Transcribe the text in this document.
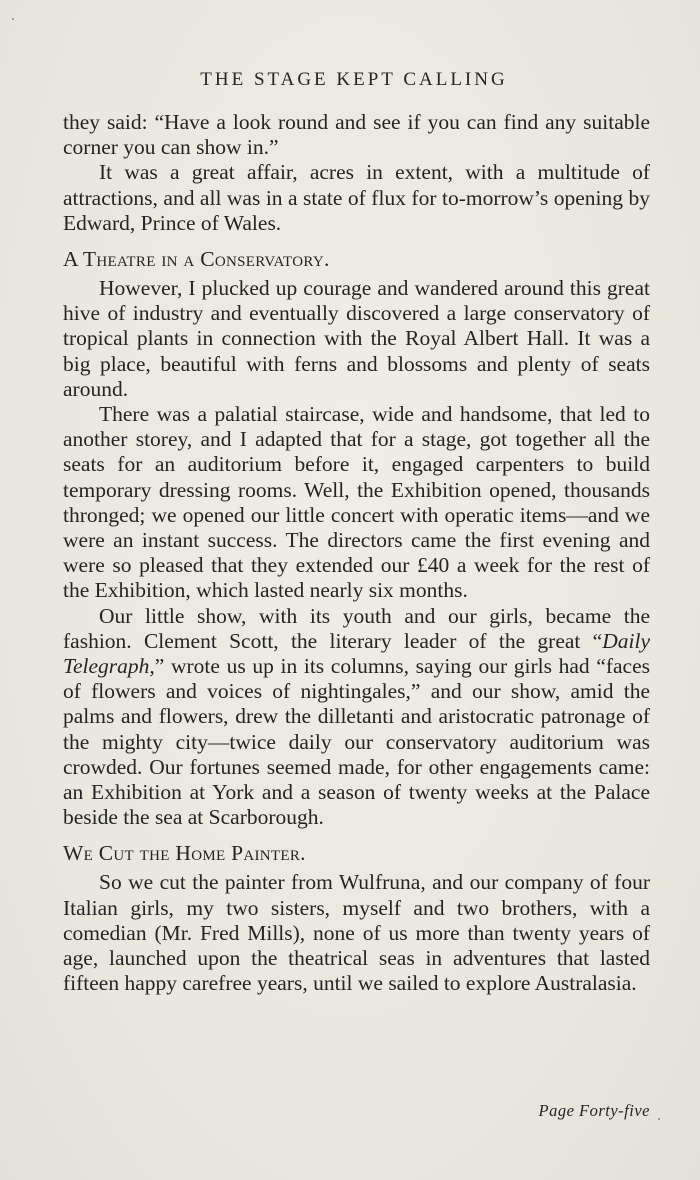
THE STAGE KEPT CALLING

they said: “Have a look round and see if you can find any suitable corner you can show in.”

It was a great affair, acres in extent, with a multitude of attractions, and all was in a state of flux for to-morrow’s opening by Edward, Prince of Wales.

A Theatre in a Conservatory.

However, I plucked up courage and wandered around this great hive of industry and eventually discovered a large conservatory of tropical plants in connection with the Royal Albert Hall. It was a big place, beautiful with ferns and blossoms and plenty of seats around.

There was a palatial staircase, wide and handsome, that led to another storey, and I adapted that for a stage, got together all the seats for an auditorium before it, engaged carpenters to build temporary dressing rooms. Well, the Exhibition opened, thousands thronged; we opened our little concert with operatic items—and we were an instant success. The directors came the first evening and were so pleased that they extended our £40 a week for the rest of the Exhibition, which lasted nearly six months.

Our little show, with its youth and our girls, became the fashion. Clement Scott, the literary leader of the great “Daily Telegraph,” wrote us up in its columns, saying our girls had “faces of flowers and voices of nightingales,” and our show, amid the palms and flowers, drew the dilletanti and aristocratic patronage of the mighty city—twice daily our conservatory auditorium was crowded. Our fortunes seemed made, for other engagements came: an Exhibition at York and a season of twenty weeks at the Palace beside the sea at Scarborough.

We Cut the Home Painter.

So we cut the painter from Wulfruna, and our company of four Italian girls, my two sisters, myself and two brothers, with a comedian (Mr. Fred Mills), none of us more than twenty years of age, launched upon the theatrical seas in adventures that lasted fifteen happy carefree years, until we sailed to explore Australasia.

Page Forty-five
